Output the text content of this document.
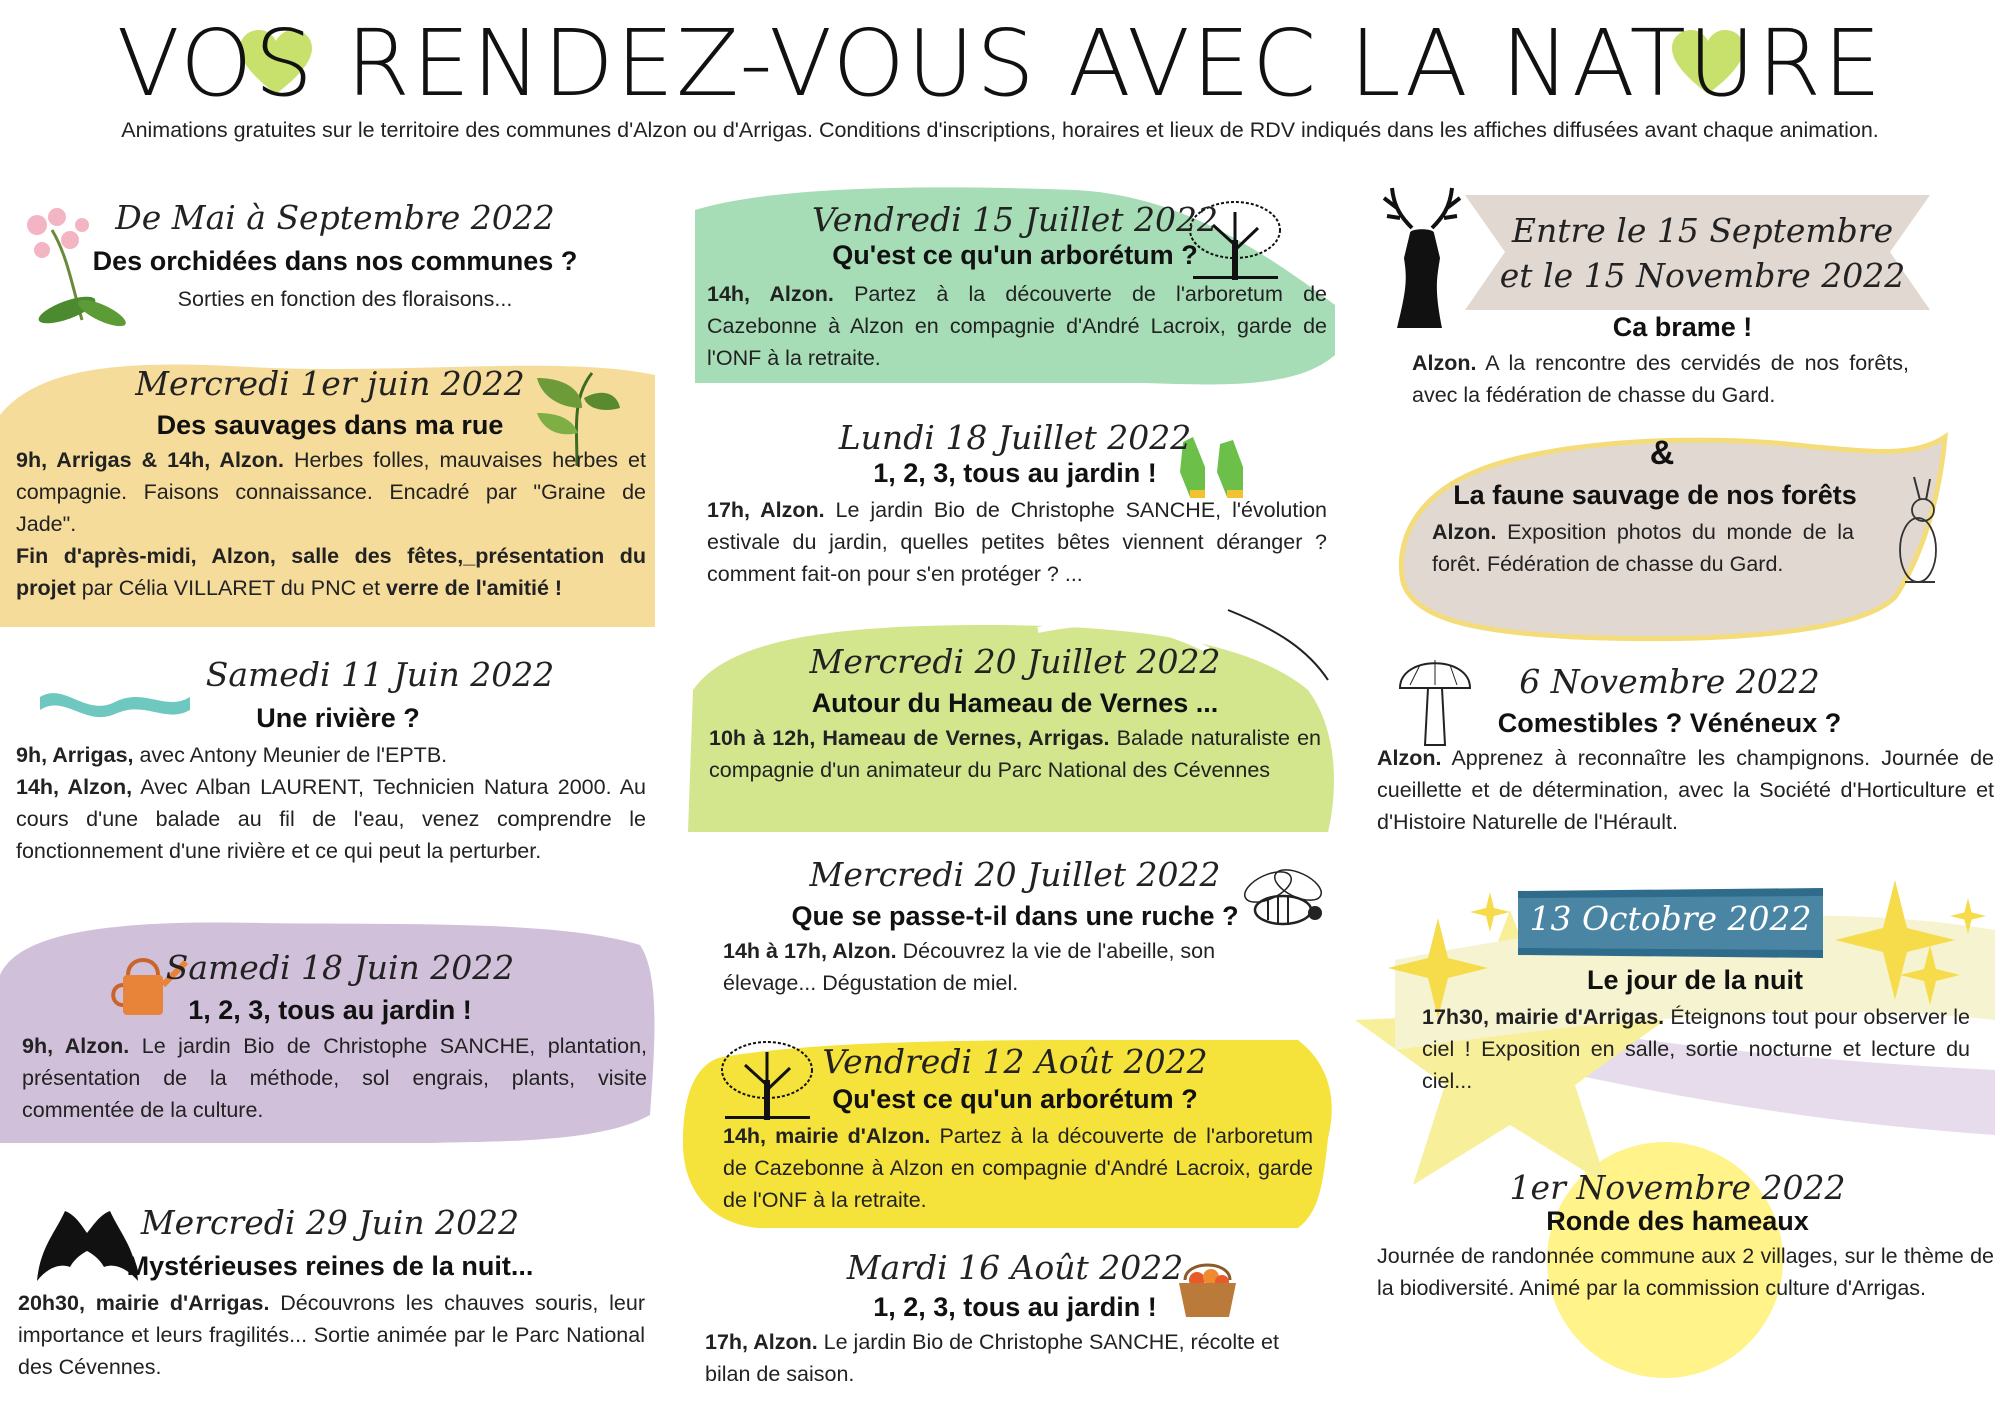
VOS RENDEZ-VOUS AVEC LA NATURE
Animations gratuites sur le territoire des communes d'Alzon ou d'Arrigas. Conditions d'inscriptions, horaires et lieux de RDV indiqués dans les affiches diffusées avant chaque animation.
De Mai à Septembre 2022
Des orchidées dans nos communes ?
Sorties en fonction des floraisons...
Mercredi 1er juin 2022
Des sauvages dans ma rue
9h, Arrigas & 14h, Alzon. Herbes folles, mauvaises herbes et compagnie. Faisons connaissance. Encadré par "Graine de Jade".
Fin d'après-midi, Alzon, salle des fêtes,_présentation du projet par Célia VILLARET du PNC et verre de l'amitié !
Samedi 11 Juin 2022
Une rivière ?
9h, Arrigas, avec Antony Meunier de l'EPTB.
14h, Alzon, Avec Alban LAURENT, Technicien Natura 2000. Au cours d'une balade au fil de l'eau, venez comprendre le fonctionnement d'une rivière et ce qui peut la perturber.
Samedi 18 Juin 2022
1, 2, 3, tous au jardin !
9h, Alzon. Le jardin Bio de Christophe SANCHE, plantation, présentation de la méthode, sol engrais, plants, visite commentée de la culture.
Mercredi 29 Juin 2022
Mystérieuses reines de la nuit...
20h30, mairie d'Arrigas. Découvrons les chauves souris, leur importance et leurs fragilités... Sortie animée par le Parc National des Cévennes.
Vendredi 15 Juillet 2022
Qu'est ce qu'un arborétum ?
14h, Alzon. Partez à la découverte de l'arboretum de Cazebonne à Alzon en compagnie d'André Lacroix, garde de l'ONF à la retraite.
Lundi 18 Juillet 2022
1, 2, 3, tous au jardin !
17h, Alzon. Le jardin Bio de Christophe SANCHE, l'évolution estivale du jardin, quelles petites bêtes viennent déranger ? comment fait-on pour s'en protéger ? ...
Mercredi 20 Juillet 2022
Autour du Hameau de Vernes ...
10h à 12h, Hameau de Vernes, Arrigas. Balade naturaliste en compagnie d'un animateur du Parc National des Cévennes
Mercredi 20 Juillet 2022
Que se passe-t-il dans une ruche ?
14h à 17h, Alzon. Découvrez la vie de l'abeille, son élevage... Dégustation de miel.
Vendredi 12 Août 2022
Qu'est ce qu'un arborétum ?
14h, mairie d'Alzon. Partez à la découverte de l'arboretum de Cazebonne à Alzon en compagnie d'André Lacroix, garde de l'ONF à la retraite.
Mardi 16 Août 2022
1, 2, 3, tous au jardin !
17h, Alzon. Le jardin Bio de Christophe SANCHE, récolte et bilan de saison.
Entre le 15 Septembre
et le 15 Novembre 2022
Ca brame !
Alzon. A la rencontre des cervidés de nos forêts, avec la fédération de chasse du Gard.
&
La faune sauvage de nos forêts
Alzon. Exposition photos du monde de la forêt. Fédération de chasse du Gard.
6 Novembre 2022
Comestibles ? Vénéneux ?
Alzon. Apprenez à reconnaître les champignons. Journée de cueillette et de détermination, avec la Société d'Horticulture et d'Histoire Naturelle de l'Hérault.
13 Octobre 2022
Le jour de la nuit
17h30, mairie d'Arrigas. Éteignons tout pour observer le ciel ! Exposition en salle, sortie nocturne et lecture du ciel...
1er Novembre 2022
Ronde des hameaux
Journée de randonnée commune aux 2 villages, sur le thème de la biodiversité. Animé par la commission culture d'Arrigas.
